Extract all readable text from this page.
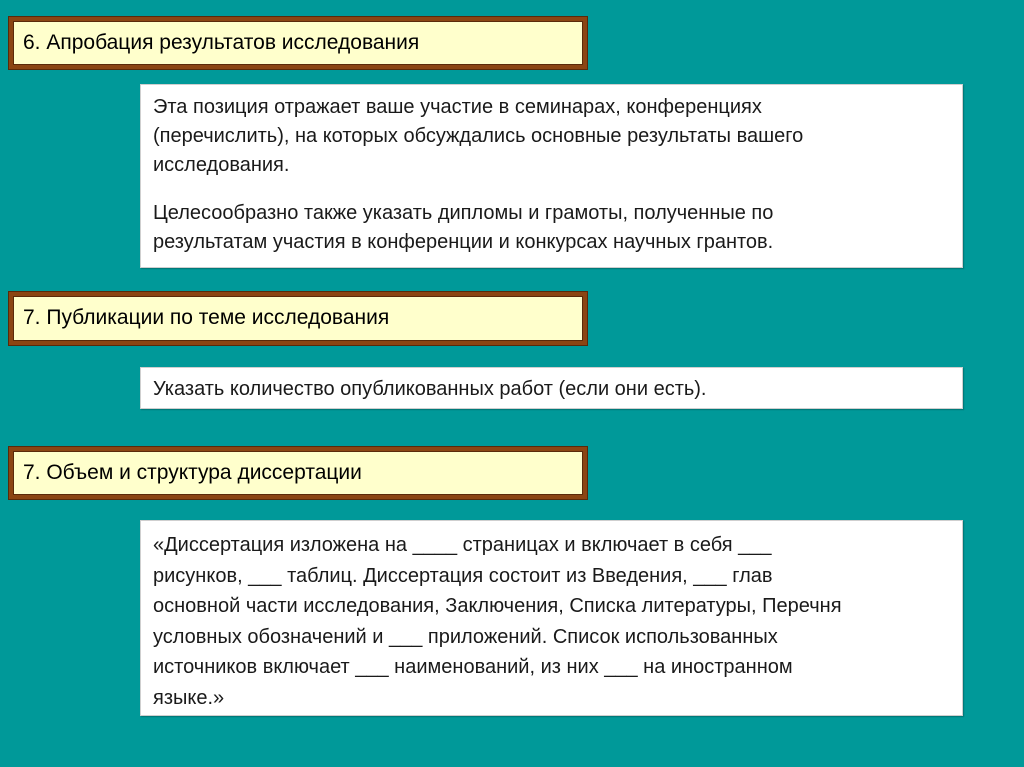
6. Апробация результатов исследования

Эта позиция отражает ваше участие в семинарах, конференциях

(перечислить), на которых обсуждались основные результаты вашего

исследования.

Целесообразно также указать дипломы и грамоты, полученные по

результатам участия в конференции и конкурсах научных грантов.

7. Публикации по теме исследования

Указать количество опубликованных работ (если они есть).

7. Объем и структура диссертации

«Диссертация изложена на ____ страницах и включает в себя ___

рисунков, ___ таблиц. Диссертация состоит из Введения, ___ глав

основной части исследования, Заключения, Списка литературы, Перечня

условных обозначений и ___ приложений. Список использованных

источников включает ___ наименований, из них ___ на иностранном

языке.»
